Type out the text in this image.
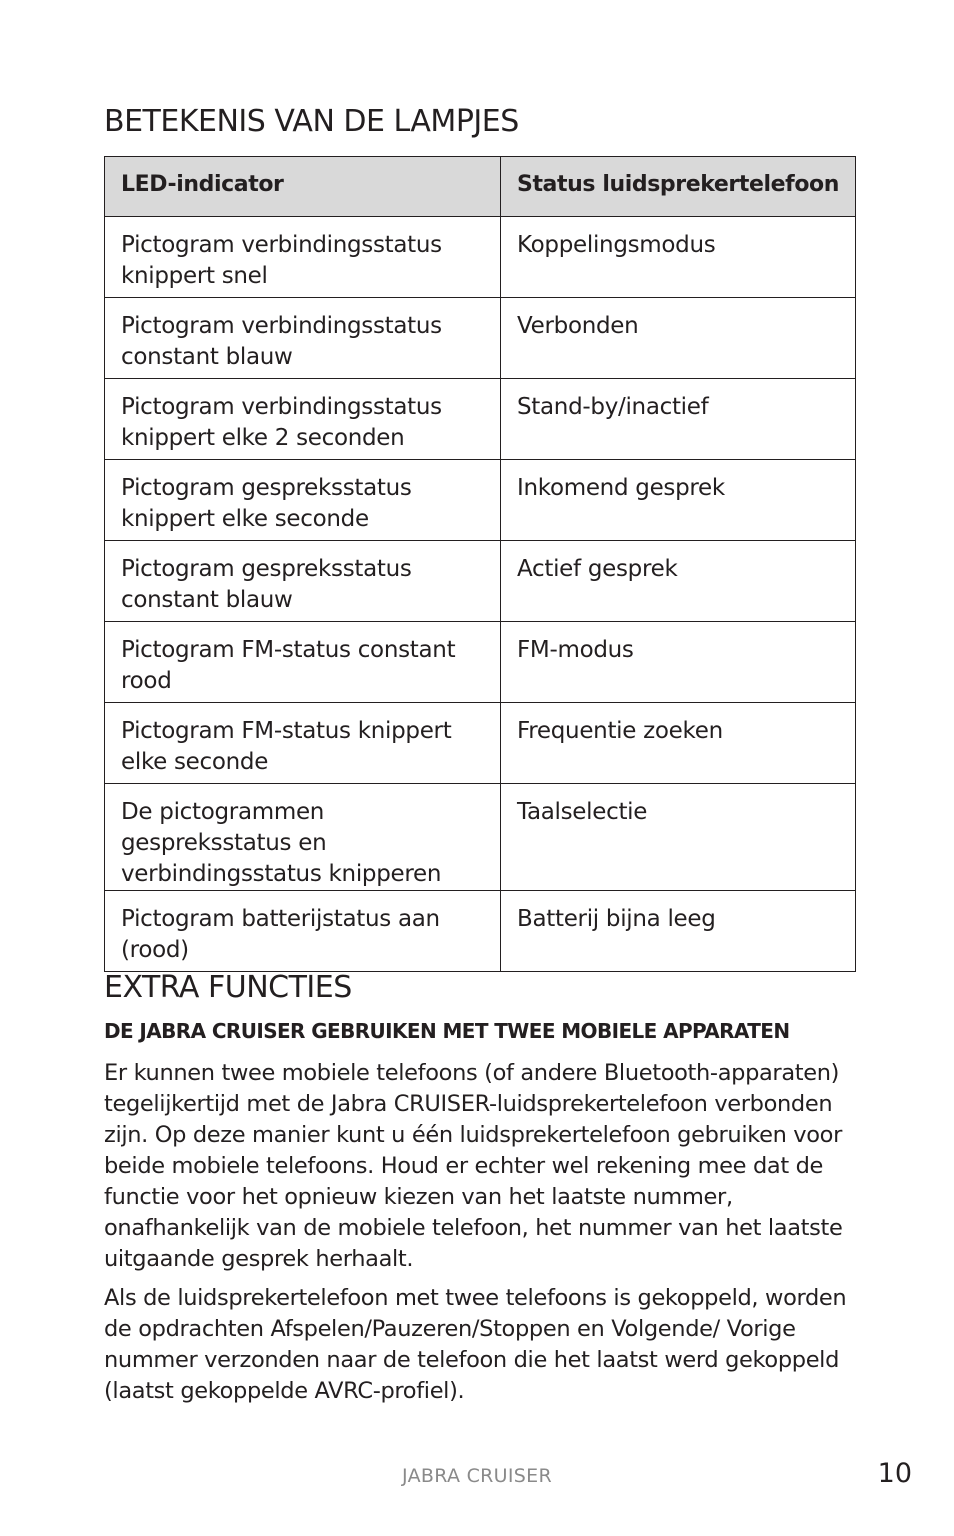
BETEKENIS VAN DE LAMPJES
LED-indicator	Status luidsprekertelefoon
Pictogram verbindingsstatus knippert snel	Koppelingsmodus
Pictogram verbindingsstatus constant blauw	Verbonden
Pictogram verbindingsstatus knippert elke 2 seconden	Stand-by/inactief
Pictogram gespreksstatus knippert elke seconde	Inkomend gesprek
Pictogram gespreksstatus constant blauw	Actief gesprek
Pictogram FM-status constant rood	FM-modus
Pictogram FM-status knippert elke seconde	Frequentie zoeken
De pictogrammen gespreksstatus en verbindingsstatus knipperen	Taalselectie
Pictogram batterijstatus aan (rood)	Batterij bijna leeg
EXTRA FUNCTIES
DE JABRA CRUISER GEBRUIKEN MET TWEE MOBIELE APPARATEN

Er kunnen twee mobiele telefoons (of andere Bluetooth-apparaten) tegelijkertijd met de Jabra CRUISER-luidsprekertelefoon verbonden zijn. Op deze manier kunt u één luidsprekertelefoon gebruiken voor beide mobiele telefoons. Houd er echter wel rekening mee dat de functie voor het opnieuw kiezen van het laatste nummer, onafhankelijk van de mobiele telefoon, het nummer van het laatste uitgaande gesprek herhaalt.

Als de luidsprekertelefoon met twee telefoons is gekoppeld, worden de opdrachten Afspelen/Pauzeren/Stoppen en Volgende/ Vorige nummer verzonden naar de telefoon die het laatst werd gekoppeld (laatst gekoppelde AVRC-profiel).

JABRA CRUISER	10
